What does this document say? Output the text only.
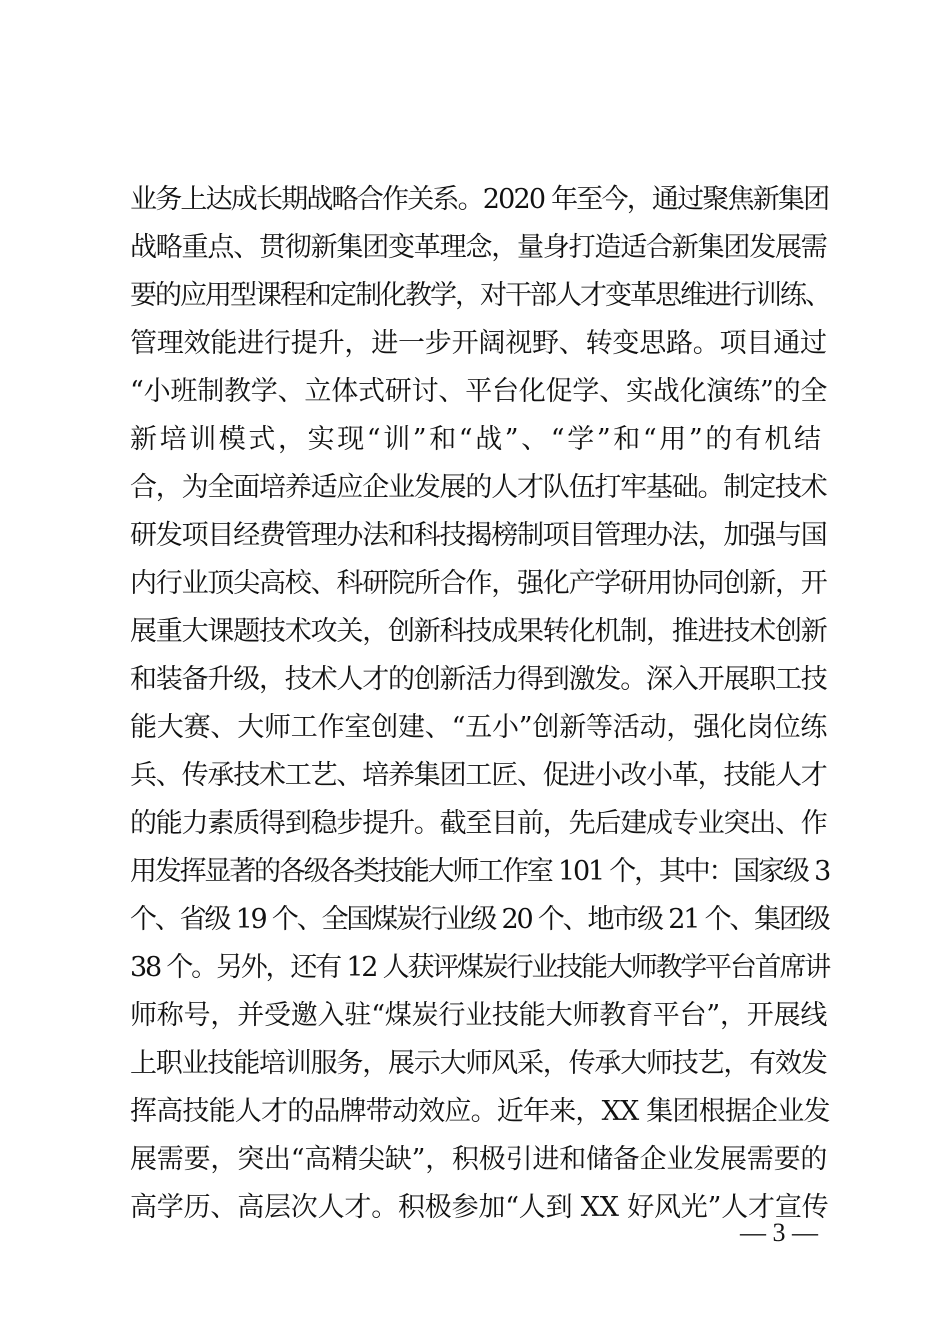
业务上达成长期战略合作关系。2020 年至今，通过聚焦新集团
战略重点、贯彻新集团变革理念，量身打造适合新集团发展需
要的应用型课程和定制化教学，对干部人才变革思维进行训练、
管理效能进行提升，进一步开阔视野、转变思路。项目通过
“小班制教学、立体式研讨、平台化促学、实战化演练”的全
新培训模式，实现“训”和“战”、“学”和“用”的有机结
合，为全面培养适应企业发展的人才队伍打牢基础。制定技术
研发项目经费管理办法和科技揭榜制项目管理办法，加强与国
内行业顶尖高校、科研院所合作，强化产学研用协同创新，开
展重大课题技术攻关，创新科技成果转化机制，推进技术创新
和装备升级，技术人才的创新活力得到激发。深入开展职工技
能大赛、大师工作室创建、“五小”创新等活动，强化岗位练
兵、传承技术工艺、培养集团工匠、促进小改小革，技能人才
的能力素质得到稳步提升。截至目前，先后建成专业突出、作
用发挥显著的各级各类技能大师工作室 101 个，其中：国家级 3
个、省级 19 个、全国煤炭行业级 20 个、地市级 21 个、集团级
38 个。另外，还有 12 人获评煤炭行业技能大师教学平台首席讲
师称号，并受邀入驻“煤炭行业技能大师教育平台”，开展线
上职业技能培训服务，展示大师风采，传承大师技艺，有效发
挥高技能人才的品牌带动效应。近年来，XX 集团根据企业发
展需要，突出“高精尖缺”，积极引进和储备企业发展需要的
高学历、高层次人才。积极参加“人到 XX 好风光”人才宣传
— 3 —
